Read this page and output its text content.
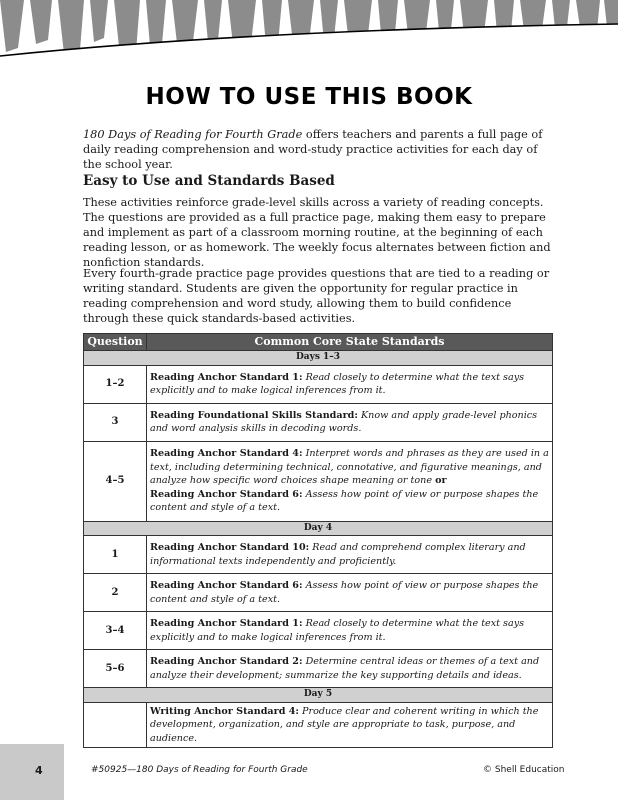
HOW TO USE THIS BOOK

180 Days of Reading for Fourth Grade offers teachers and parents a full page of daily reading comprehension and word-study practice activities for each day of the school year.

Easy to Use and Standards Based

These activities reinforce grade-level skills across a variety of reading concepts. The questions are provided as a full practice page, making them easy to prepare and implement as part of a classroom morning routine, at the beginning of each reading lesson, or as homework. The weekly focus alternates between fiction and nonfiction standards.

Every fourth-grade practice page provides questions that are tied to a reading or writing standard. Students are given the opportunity for regular practice in reading comprehension and word study, allowing them to build confidence through these quick standards-based activities.

Question	Common Core State Standards
Days 1–3	
1–2	Reading Anchor Standard 1: Read closely to determine what the text says explicitly and to make logical inferences from it.
3	Reading Foundational Skills Standard: Know and apply grade-level phonics and word analysis skills in decoding words.
4–5	Reading Anchor Standard 4: Interpret words and phrases as they are used in a text, including determining technical, connotative, and figurative meanings, and analyze how specific word choices shape meaning or tone or
Reading Anchor Standard 6: Assess how point of view or purpose shapes the content and style of a text.
Day 4	
1	Reading Anchor Standard 10: Read and comprehend complex literary and informational texts independently and proficiently.
2	Reading Anchor Standard 6: Assess how point of view or purpose shapes the content and style of a text.
3–4	Reading Anchor Standard 1: Read closely to determine what the text says explicitly and to make logical inferences from it.
5–6	Reading Anchor Standard 2: Determine central ideas or themes of a text and analyze their development; summarize the key supporting details and ideas.
Day 5	
	Writing Anchor Standard 4: Produce clear and coherent writing in which the development, organization, and style are appropriate to task, purpose, and audience.
4	#50925—180 Days of Reading for Fourth Grade	© Shell Education
